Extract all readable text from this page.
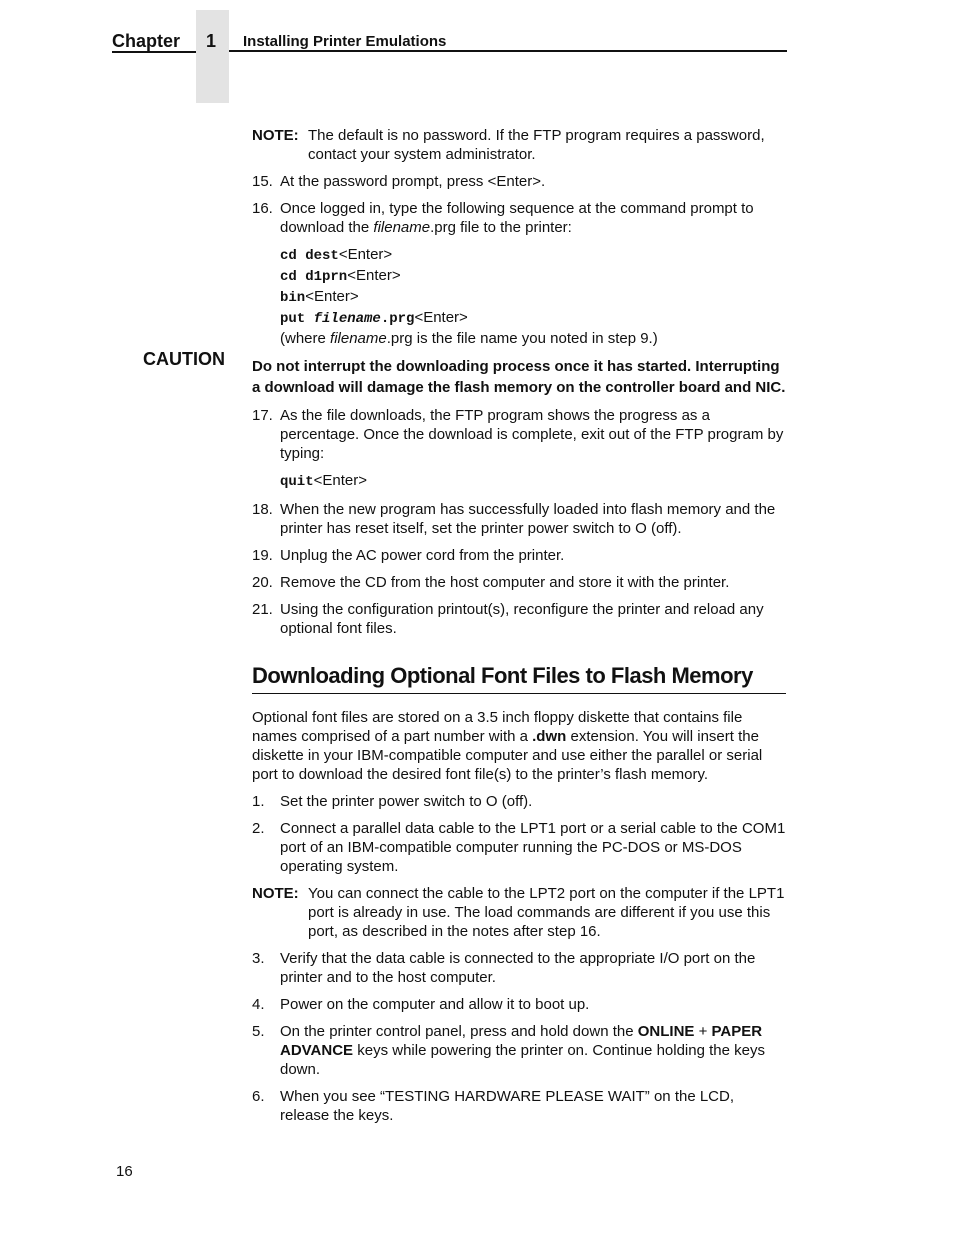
Chapter 1 Installing Printer Emulations
NOTE: The default is no password. If the FTP program requires a password, contact your system administrator.
15. At the password prompt, press <Enter>.
16. Once logged in, type the following sequence at the command prompt to download the filename.prg file to the printer:
cd dest<Enter>
cd d1prn<Enter>
bin<Enter>
put filename.prg<Enter>
(where filename.prg is the file name you noted in step 9.)
CAUTION Do not interrupt the downloading process once it has started. Interrupting a download will damage the flash memory on the controller board and NIC.
17. As the file downloads, the FTP program shows the progress as a percentage. Once the download is complete, exit out of the FTP program by typing:
quit<Enter>
18. When the new program has successfully loaded into flash memory and the printer has reset itself, set the printer power switch to O (off).
19. Unplug the AC power cord from the printer.
20. Remove the CD from the host computer and store it with the printer.
21. Using the configuration printout(s), reconfigure the printer and reload any optional font files.
Downloading Optional Font Files to Flash Memory
Optional font files are stored on a 3.5 inch floppy diskette that contains file names comprised of a part number with a .dwn extension. You will insert the diskette in your IBM-compatible computer and use either the parallel or serial port to download the desired font file(s) to the printer’s flash memory.
1. Set the printer power switch to O (off).
2. Connect a parallel data cable to the LPT1 port or a serial cable to the COM1 port of an IBM-compatible computer running the PC-DOS or MS-DOS operating system.
NOTE: You can connect the cable to the LPT2 port on the computer if the LPT1 port is already in use. The load commands are different if you use this port, as described in the notes after step 16.
3. Verify that the data cable is connected to the appropriate I/O port on the printer and to the host computer.
4. Power on the computer and allow it to boot up.
5. On the printer control panel, press and hold down the ONLINE + PAPER ADVANCE keys while powering the printer on. Continue holding the keys down.
6. When you see “TESTING HARDWARE PLEASE WAIT” on the LCD, release the keys.
16
